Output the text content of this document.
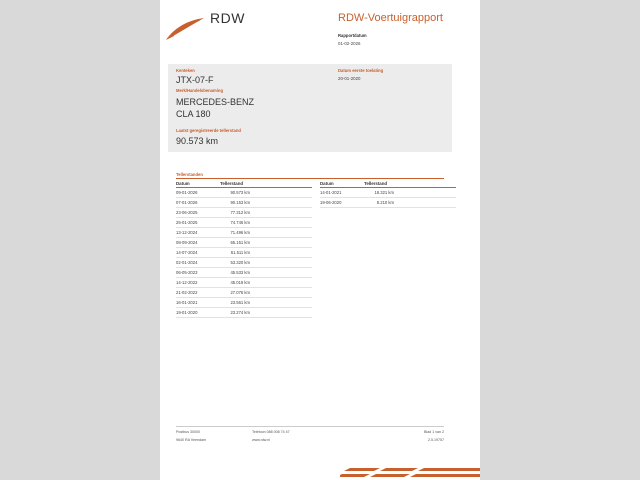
RDW	RDW-Voertuigrapport
Rapportdatum
01-02-2026
Kenteken
JTX-07-F
Merk/Handelsbenaming
MERCEDES-BENZ
CLA 180
Laatst geregistreerde tellerstand
90.573 km
Datum eerste toelating
20-01-2020
Tellerstanden
Datum	Tellerstand
09-01-2026	90.573 km
07-01-2026	90.153 km
23-06-2025	77.312 km
25-01-2025	74.746 km
13-12-2024	71.496 km
08-09-2024	65.151 km
14-07-2024	61.511 km
02-01-2024	53.320 km
06-05-2023	45.533 km
14-12-2022	45.019 km
21-02-2022	27.076 km
16-01-2021	23.561 km
19-01-2020	23.274 km
Datum	Tellerstand
14-01-2021	18.321 km
19-06-2020	8.210 km
Postbus 30000
9640 RA Veendam
Telefoon 088 008 74 47
www.rdw.nl
Blad 1 van 2
2.5.19757
